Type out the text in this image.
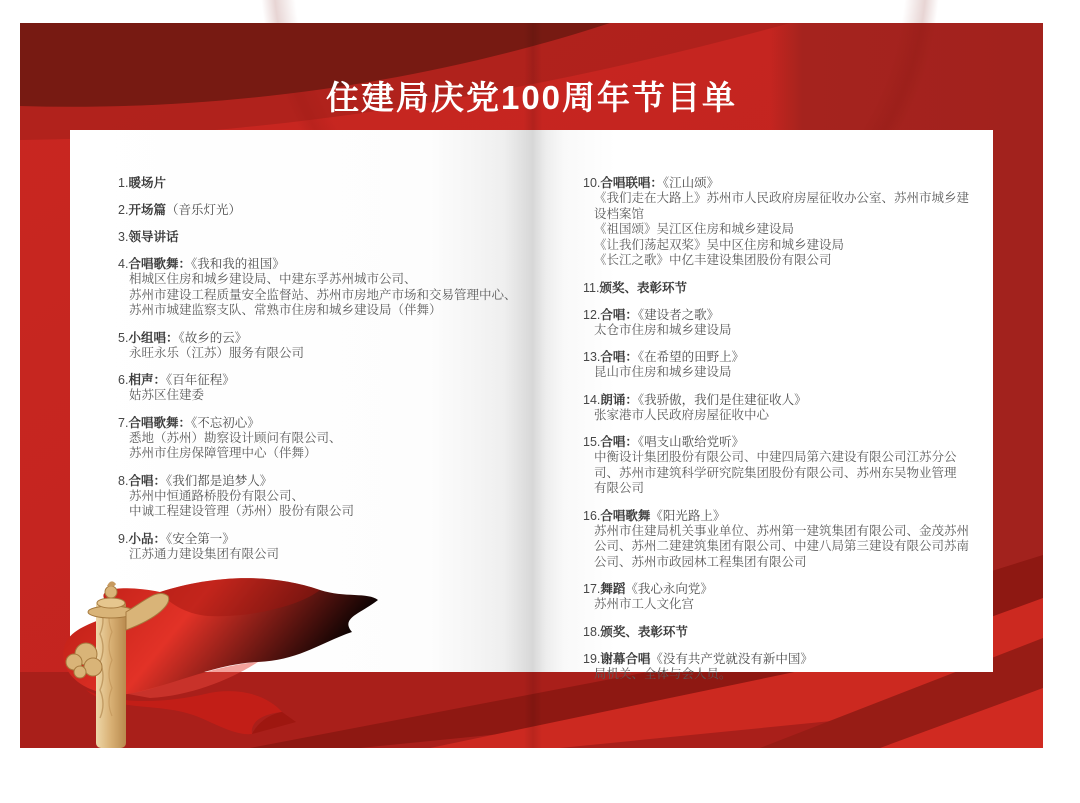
住建局庆党100周年节目单
1.暖场片
2.开场篇（音乐灯光）
3.领导讲话
4.合唱歌舞：《我和我的祖国》
相城区住房和城乡建设局、中建东孚苏州城市公司、
苏州市建设工程质量安全监督站、苏州市房地产市场和交易管理中心、
苏州市城建监察支队、常熟市住房和城乡建设局（伴舞）
5.小组唱：《故乡的云》
永旺永乐（江苏）服务有限公司
6.相声：《百年征程》
姑苏区住建委
7.合唱歌舞：《不忘初心》
悉地（苏州）勘察设计顾问有限公司、
苏州市住房保障管理中心（伴舞）
8.合唱：《我们都是追梦人》
苏州中恒通路桥股份有限公司、
中诚工程建设管理（苏州）股份有限公司
9.小品：《安全第一》
江苏通力建设集团有限公司
10.合唱联唱：《江山颂》
《我们走在大路上》苏州市人民政府房屋征收办公室、苏州市城乡建
设档案馆
《祖国颂》吴江区住房和城乡建设局
《让我们荡起双桨》吴中区住房和城乡建设局
《长江之歌》中亿丰建设集团股份有限公司
11.颁奖、表彰环节
12.合唱：《建设者之歌》
太仓市住房和城乡建设局
13.合唱：《在希望的田野上》
昆山市住房和城乡建设局
14.朗诵：《我骄傲，我们是住建征收人》
张家港市人民政府房屋征收中心
15.合唱：《唱支山歌给党听》
中衡设计集团股份有限公司、中建四局第六建设有限公司江苏分公
司、苏州市建筑科学研究院集团股份有限公司、苏州东吴物业管理
有限公司
16.合唱歌舞《阳光路上》
苏州市住建局机关事业单位、苏州第一建筑集团有限公司、金茂苏州
公司、苏州二建建筑集团有限公司、中建八局第三建设有限公司苏南
公司、苏州市政园林工程集团有限公司
17.舞蹈《我心永向党》
苏州市工人文化宫
18.颁奖、表彰环节
19.谢幕合唱《没有共产党就没有新中国》
局机关、全体与会人员。
